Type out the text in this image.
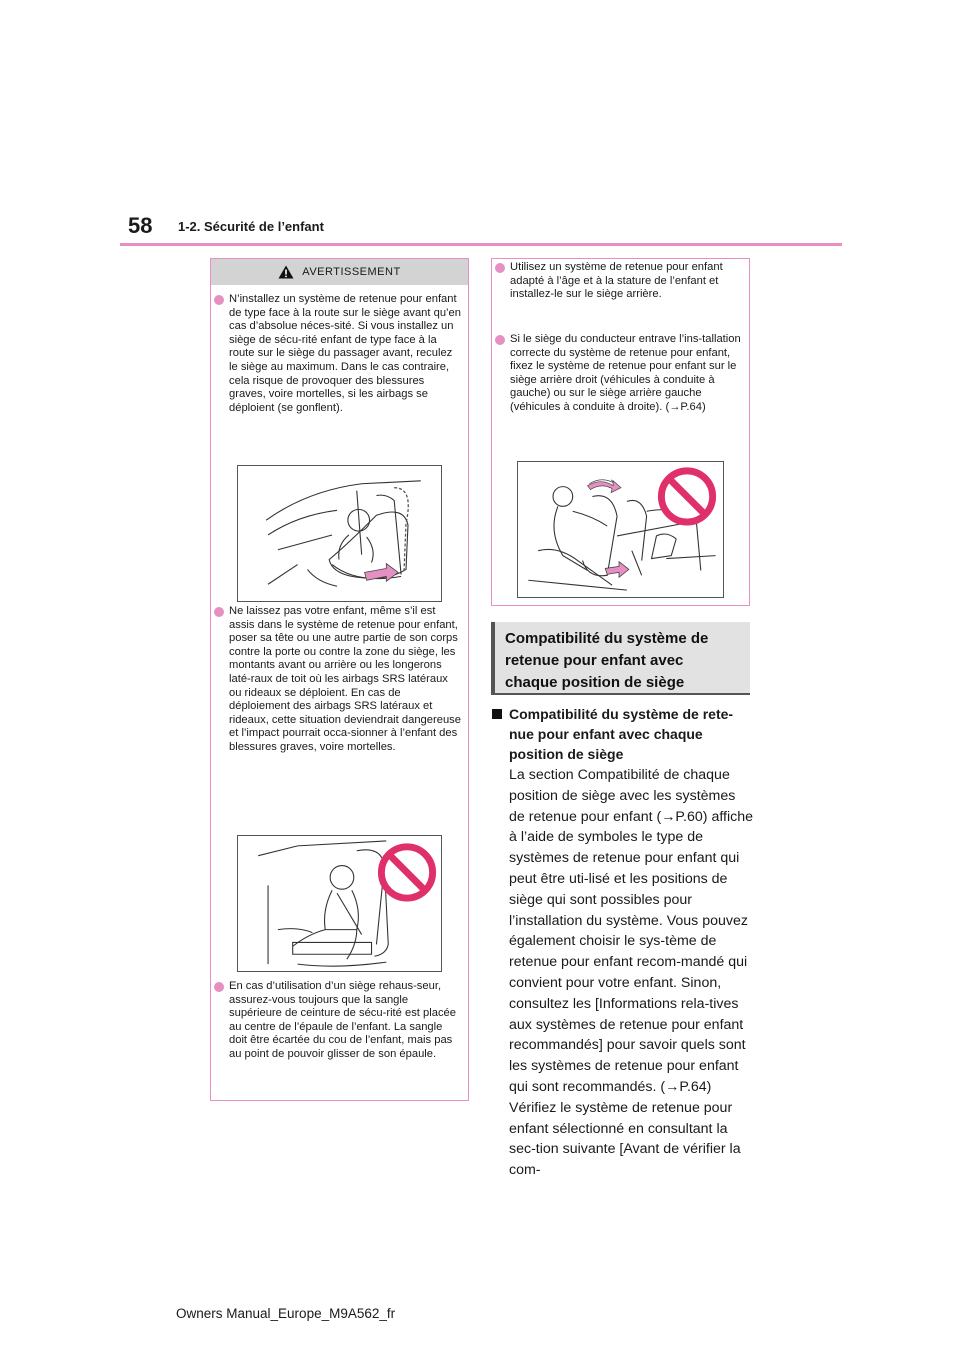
58 1-2. Sécurité de l’enfant
AVERTISSEMENT
N’installez un système de retenue pour enfant de type face à la route sur le siège avant qu’en cas d’absolue néces-sité. Si vous installez un siège de sécu-rité enfant de type face à la route sur le siège du passager avant, reculez le siège au maximum. Dans le cas contraire, cela risque de provoquer des blessures graves, voire mortelles, si les airbags se déploient (se gonflent).
Ne laissez pas votre enfant, même s’il est assis dans le système de retenue pour enfant, poser sa tête ou une autre partie de son corps contre la porte ou contre la zone du siège, les montants avant ou arrière ou les longerons laté-raux de toit où les airbags SRS latéraux ou rideaux se déploient. En cas de déploiement des airbags SRS latéraux et rideaux, cette situation deviendrait dangereuse et l’impact pourrait occa-sionner à l’enfant des blessures graves, voire mortelles.
En cas d’utilisation d’un siège rehaus-seur, assurez-vous toujours que la sangle supérieure de ceinture de sécu-rité est placée au centre de l’épaule de l’enfant. La sangle doit être écartée du cou de l’enfant, mais pas au point de pouvoir glisser de son épaule.
Utilisez un système de retenue pour enfant adapté à l’âge et à la stature de l’enfant et installez-le sur le siège arrière.
Si le siège du conducteur entrave l’ins-tallation correcte du système de retenue pour enfant, fixez le système de retenue pour enfant sur le siège arrière droit (véhicules à conduite à gauche) ou sur le siège arrière gauche (véhicules à conduite à droite). (→P.64)
Compatibilité du système de retenue pour enfant avec chaque position de siège
Compatibilité du système de rete-nue pour enfant avec chaque position de siège
La section Compatibilité de chaque position de siège avec les systèmes de retenue pour enfant (→P.60) affiche à l’aide de symboles le type de systèmes de retenue pour enfant qui peut être uti-lisé et les positions de siège qui sont possibles pour l’installation du système. Vous pouvez également choisir le sys-tème de retenue pour enfant recom-mandé qui convient pour votre enfant. Sinon, consultez les [Informations rela-tives aux systèmes de retenue pour enfant recommandés] pour savoir quels sont les systèmes de retenue pour enfant qui sont recommandés. (→P.64) Vérifiez le système de retenue pour enfant sélectionné en consultant la sec-tion suivante [Avant de vérifier la com-
Owners Manual_Europe_M9A562_fr
